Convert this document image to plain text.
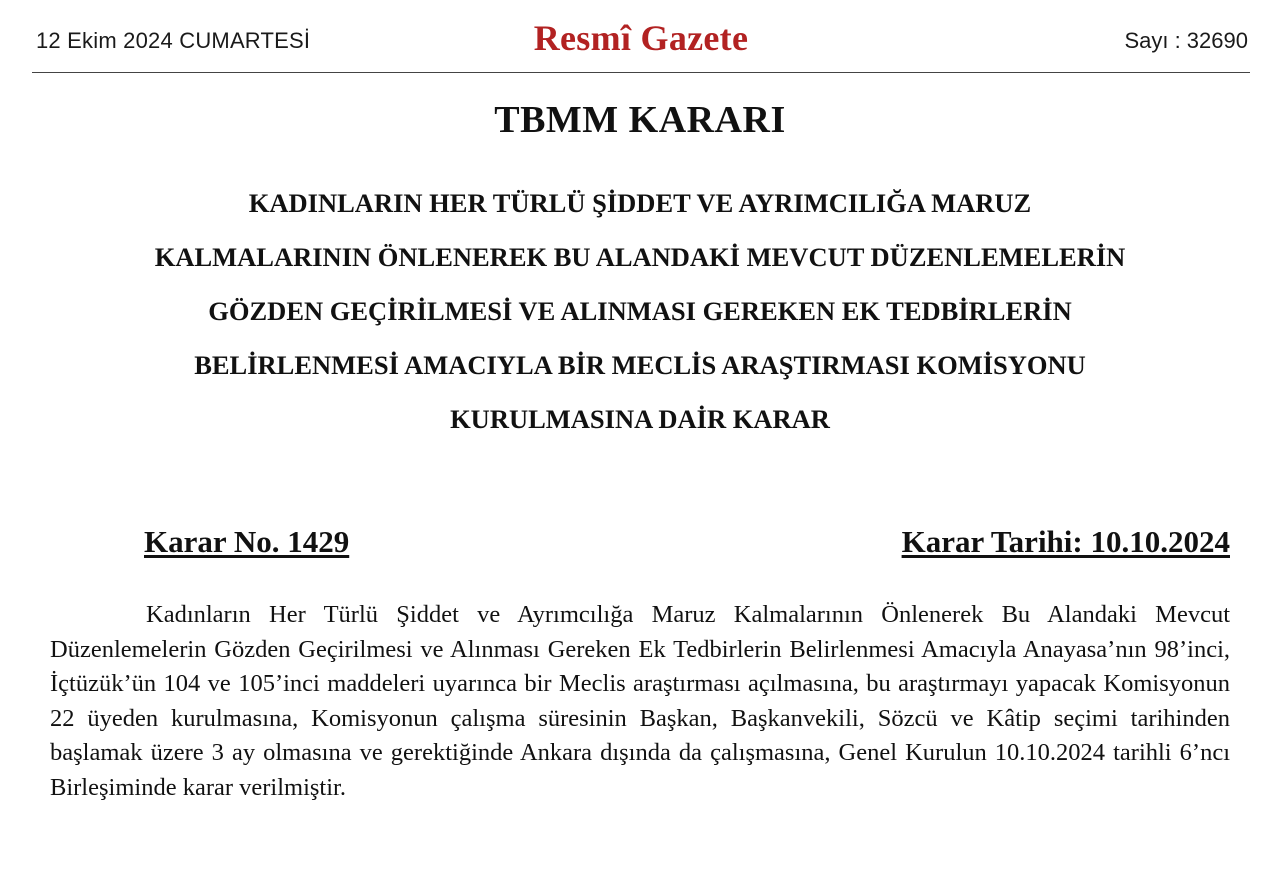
12 Ekim 2024 CUMARTESİ	Resmî Gazete	Sayı : 32690
TBMM KARARI
KADINLARIN HER TÜRLÜ ŞİDDET VE AYRIMCILIĞA MARUZ
KALMALARININ ÖNLENEREK BU ALANDAKİ MEVCUT DÜZENLEMELERİN
GÖZDEN GEÇİRİLMESİ VE ALINMASI GEREKEN EK TEDBİRLERİN
BELİRLENMESİ AMACIYLA BİR MECLİS ARAŞTIRMASI KOMİSYONU
KURULMASINA DAİR KARAR
Karar No. 1429	Karar Tarihi: 10.10.2024

Kadınların Her Türlü Şiddet ve Ayrımcılığa Maruz Kalmalarının Önlenerek Bu Alandaki Mevcut Düzenlemelerin Gözden Geçirilmesi ve Alınması Gereken Ek Tedbirlerin Belirlenmesi Amacıyla Anayasa’nın 98’inci, İçtüzük’ün 104 ve 105’inci maddeleri uyarınca bir Meclis araştırması açılmasına, bu araştırmayı yapacak Komisyonun 22 üyeden kurulmasına, Komisyonun çalışma süresinin Başkan, Başkanvekili, Sözcü ve Kâtip seçimi tarihinden başlamak üzere 3 ay olmasına ve gerektiğinde Ankara dışında da çalışmasına, Genel Kurulun 10.10.2024 tarihli 6’ncı Birleşiminde karar verilmiştir.
